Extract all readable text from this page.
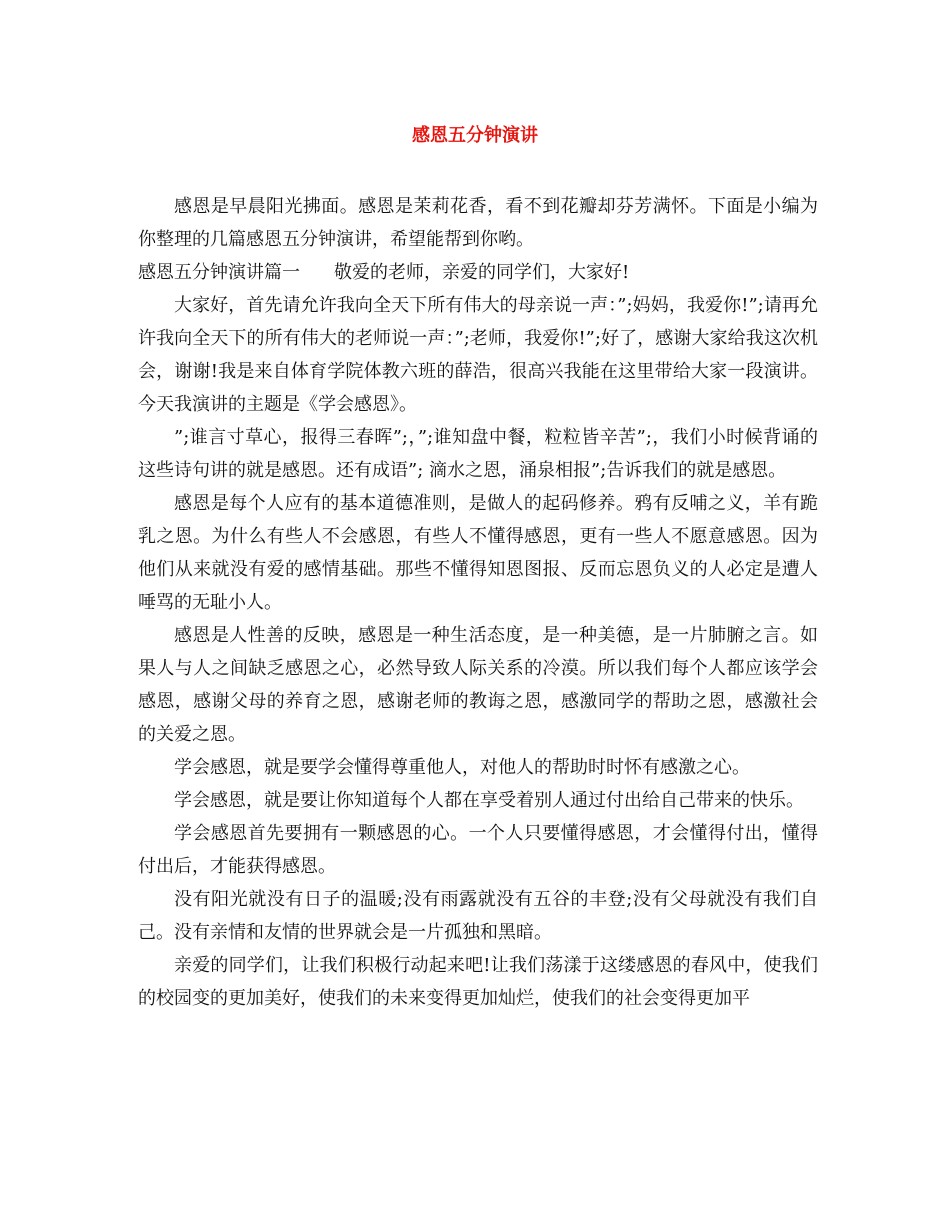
感恩五分钟演讲

感恩是早晨阳光拂面。感恩是茉莉花香，看不到花瓣却芬芳满怀。下面是小编为你整理的几篇感恩五分钟演讲，希望能帮到你哟。

感恩五分钟演讲篇一 敬爱的老师，亲爱的同学们，大家好!

大家好，首先请允许我向全天下所有伟大的母亲说一声：”;妈妈，我爱你!”;请再允许我向全天下的所有伟大的老师说一声：”;老师，我爱你!”;好了，感谢大家给我这次机会，谢谢!我是来自体育学院体教六班的薛浩，很高兴我能在这里带给大家一段演讲。今天我演讲的主题是《学会感恩》。

”;谁言寸草心，报得三春晖”;，”;谁知盘中餐，粒粒皆辛苦”;，我们小时候背诵的这些诗句讲的就是感恩。还有成语”; 滴水之恩，涌泉相报”;告诉我们的就是感恩。

感恩是每个人应有的基本道德准则，是做人的起码修养。鸦有反哺之义，羊有跪乳之恩。为什么有些人不会感恩，有些人不懂得感恩，更有一些人不愿意感恩。因为他们从来就没有爱的感情基础。那些不懂得知恩图报、反而忘恩负义的人必定是遭人唾骂的无耻小人。

感恩是人性善的反映，感恩是一种生活态度，是一种美德，是一片肺腑之言。如果人与人之间缺乏感恩之心，必然导致人际关系的冷漠。所以我们每个人都应该学会感恩，感谢父母的养育之恩，感谢老师的教诲之恩，感激同学的帮助之恩，感激社会的关爱之恩。

学会感恩，就是要学会懂得尊重他人，对他人的帮助时时怀有感激之心。

学会感恩，就是要让你知道每个人都在享受着别人通过付出给自己带来的快乐。

学会感恩首先要拥有一颗感恩的心。一个人只要懂得感恩，才会懂得付出，懂得付出后，才能获得感恩。

没有阳光就没有日子的温暖;没有雨露就没有五谷的丰登;没有父母就没有我们自己。没有亲情和友情的世界就会是一片孤独和黑暗。

亲爱的同学们，让我们积极行动起来吧!让我们荡漾于这缕感恩的春风中，使我们的校园变的更加美好，使我们的未来变得更加灿烂，使我们的社会变得更加平
